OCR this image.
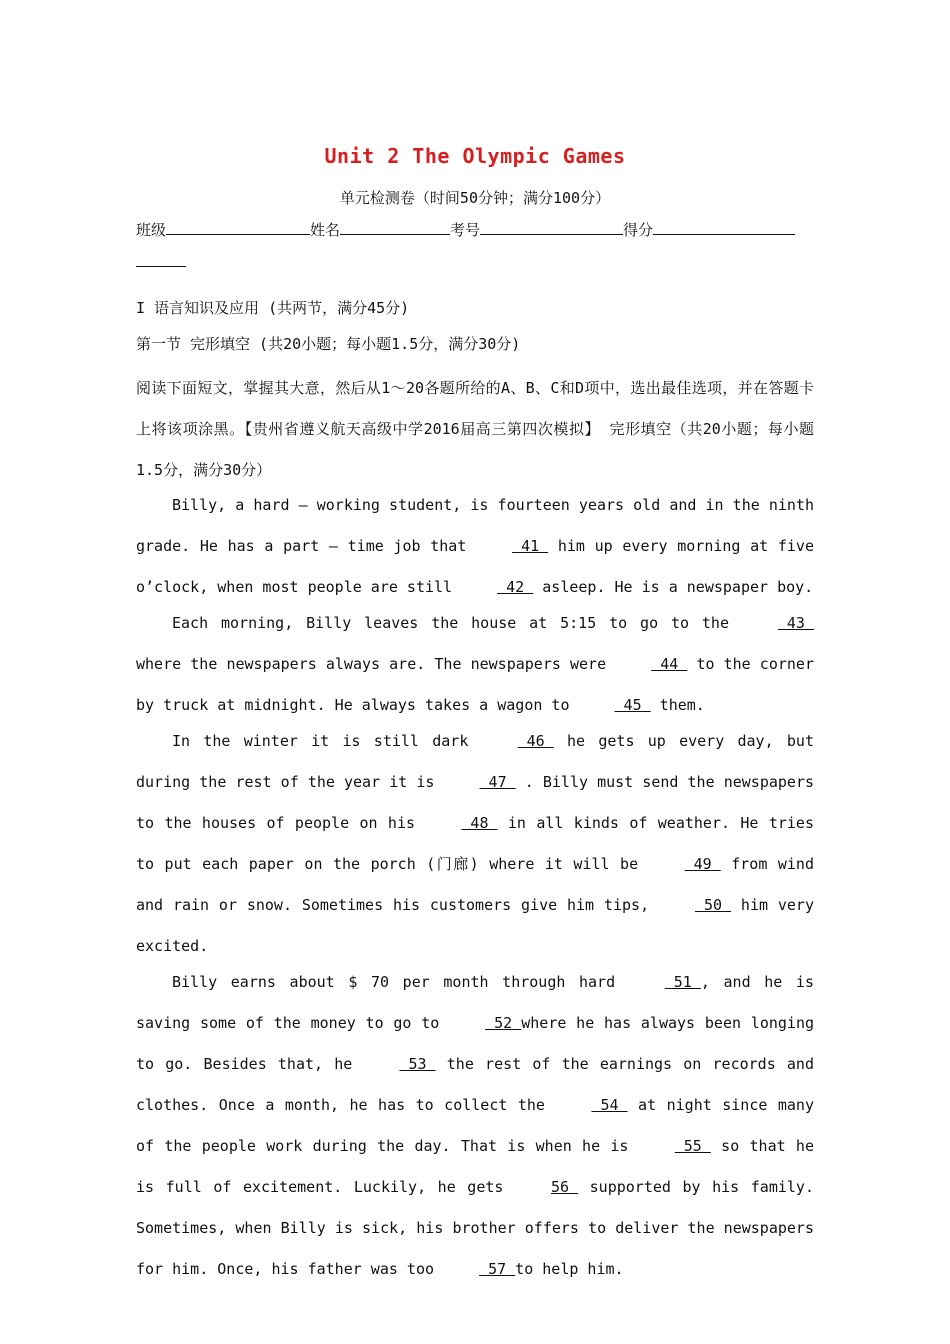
Unit 2 The Olympic Games
单元检测卷（时间50分钟；满分100分）
班级	姓名	考号	得分
I 语言知识及应用 (共两节，满分45分)
第一节 完形填空 (共20小题；每小题1.5分，满分30分)
阅读下面短文，掌握其大意，然后从1～20各题所给的A、B、C和D项中，选出最佳选项，并在答题卡上将该项涂黑。【贵州省遵义航天高级中学2016届高三第四次模拟】 完形填空（共20小题；每小题1.5分，满分30分）

Billy, a hard – working student, is fourteen years old and in the ninth grade. He has a part – time job that  41  him up every morning at five o’clock, when most people are still  42  asleep. He is a newspaper boy.

Each morning, Billy leaves the house at 5:15 to go to the  43  where the newspapers always are. The newspapers were  44  to the corner by truck at midnight. He always takes a wagon to  45  them.

In the winter it is still dark  46  he gets up every day, but during the rest of the year it is  47  . Billy must send the newspapers to the houses of people on his  48  in all kinds of weather. He tries to put each paper on the porch (门廊) where it will be  49  from wind and rain or snow. Sometimes his customers give him tips,  50  him very excited.

Billy earns about $ 70 per month through hard  51 , and he is saving some of the money to go to  52 where he has always been longing to go. Besides that, he  53  the rest of the earnings on records and clothes. Once a month, he has to collect the  54  at night since many of the people work during the day. That is when he is  55  so that he is full of excitement. Luckily, he gets 56  supported by his family. Sometimes, when Billy is sick, his brother offers to deliver the newspapers for him. Once, his father was too  57 to help him.
